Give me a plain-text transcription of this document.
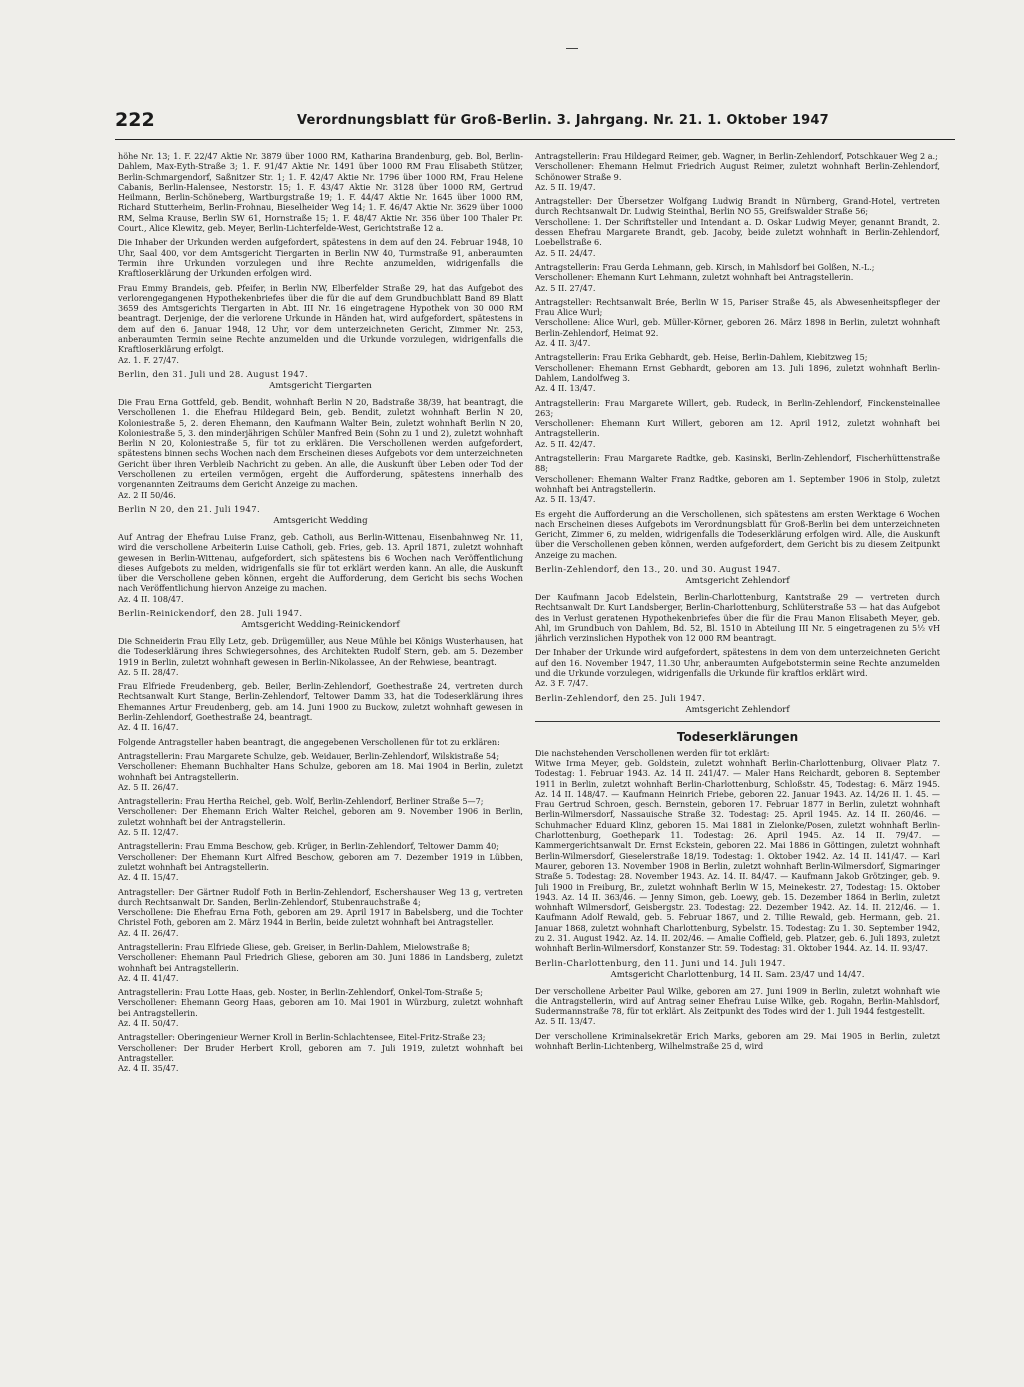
222	Verordnungsblatt für Groß-Berlin. 3. Jahrgang. Nr. 21. 1. Oktober 1947
höhe Nr. 13; 1. F. 22/47 Aktie Nr. 3879 über 1000 RM, Katharina Brandenburg, geb. Bol, Berlin-Dahlem, Max-Eyth-Straße 3; 1. F. 91/47 Aktie Nr. 1491 über 1000 RM Frau Elisabeth Stützer, Berlin-Schmargendorf, Saßnitzer Str. 1; 1. F. 42/47 Aktie Nr. 1796 über 1000 RM, Frau Helene Cabanis, Berlin-Halensee, Nestorstr. 15; 1. F. 43/47 Aktie Nr. 3128 über 1000 RM, Gertrud Heilmann, Berlin-Schöneberg, Wartburgstraße 19; 1. F. 44/47 Aktie Nr. 1645 über 1000 RM, Richard Stutterheim, Berlin-Frohnau, Bieselheider Weg 14; 1. F. 46/47 Aktie Nr. 3629 über 1000 RM, Selma Krause, Berlin SW 61, Hornstraße 15; 1. F. 48/47 Aktie Nr. 356 über 100 Thaler Pr. Court., Alice Klewitz, geb. Meyer, Berlin-Lichterfelde-West, Gerichtstraße 12 a.
Die Inhaber der Urkunden werden aufgefordert, spätestens in dem auf den 24. Februar 1948, 10 Uhr, Saal 400, vor dem Amtsgericht Tiergarten in Berlin NW 40, Turmstraße 91, anberaumten Termin ihre Urkunden vorzulegen und ihre Rechte anzumelden, widrigenfalls die Kraftloserklärung der Urkunden erfolgen wird.
Frau Emmy Brandeis, geb. Pfeifer, in Berlin NW, Elberfelder Straße 29, hat das Aufgebot des verlorengegangenen Hypothekenbriefes über die für die auf dem Grundbuchblatt Band 89 Blatt 3659 des Amtsgerichts Tiergarten in Abt. III Nr. 16 eingetragene Hypothek von 30 000 RM beantragt. Derjenige, der die verlorene Urkunde in Händen hat, wird aufgefordert, spätestens in dem auf den 6. Januar 1948, 12 Uhr, vor dem unterzeichneten Gericht, Zimmer Nr. 253, anberaumten Termin seine Rechte anzumelden und die Urkunde vorzulegen, widrigenfalls die Kraftloserklärung erfolgt.
Az. 1. F. 27/47.
Berlin, den 31. Juli und 28. August 1947.
Amtsgericht Tiergarten
Die Frau Erna Gottfeld, geb. Bendit, wohnhaft Berlin N 20, Badstraße 38/39, hat beantragt, die Verschollenen 1. die Ehefrau Hildegard Bein, geb. Bendit, zuletzt wohnhaft Berlin N 20, Koloniestraße 5, 2. deren Ehemann, den Kaufmann Walter Bein, zuletzt wohnhaft Berlin N 20, Koloniestraße 5, 3. den minderjährigen Schüler Manfred Bein (Sohn zu 1 und 2), zuletzt wohnhaft Berlin N 20, Koloniestraße 5, für tot zu erklären. Die Verschollenen werden aufgefordert, spätestens binnen sechs Wochen nach dem Erscheinen dieses Aufgebots vor dem unterzeichneten Gericht über ihren Verbleib Nachricht zu geben. An alle, die Auskunft über Leben oder Tod der Verschollenen zu erteilen vermögen, ergeht die Aufforderung, spätestens innerhalb des vorgenannten Zeitraums dem Gericht Anzeige zu machen.
Az. 2 II 50/46.
Berlin N 20, den 21. Juli 1947.
Amtsgericht Wedding
Auf Antrag der Ehefrau Luise Franz, geb. Catholi, aus Berlin-Wittenau, Eisenbahnweg Nr. 11, wird die verschollene Arbeiterin Luise Catholi, geb. Fries, geb. 13. April 1871, zuletzt wohnhaft gewesen in Berlin-Wittenau, aufgefordert, sich spätestens bis 6 Wochen nach Veröffentlichung dieses Aufgebots zu melden, widrigenfalls sie für tot erklärt werden kann. An alle, die Auskunft über die Verschollene geben können, ergeht die Aufforderung, dem Gericht bis sechs Wochen nach Veröffentlichung hiervon Anzeige zu machen.
Az. 4 II. 108/47.
Berlin-Reinickendorf, den 28. Juli 1947.
Amtsgericht Wedding-Reinickendorf
Die Schneiderin Frau Elly Letz, geb. Drügemüller, aus Neue Mühle bei Königs Wusterhausen, hat die Todeserklärung ihres Schwiegersohnes, des Architekten Rudolf Stern, geb. am 5. Dezember 1919 in Berlin, zuletzt wohnhaft gewesen in Berlin-Nikolassee, An der Rehwiese, beantragt.
Az. 5 II. 28/47.
Frau Elfriede Freudenberg, geb. Beiler, Berlin-Zehlendorf, Goethestraße 24, vertreten durch Rechtsanwalt Kurt Stange, Berlin-Zehlendorf, Teltower Damm 33, hat die Todeserklärung ihres Ehemannes Artur Freudenberg, geb. am 14. Juni 1900 zu Buckow, zuletzt wohnhaft gewesen in Berlin-Zehlendorf, Goethestraße 24, beantragt.
Az. 4 II. 16/47.
Folgende Antragsteller haben beantragt, die angegebenen Verschollenen für tot zu erklären:
Antragstellerin: Frau Margarete Schulze, geb. Weidauer, Berlin-Zehlendorf, Wilskistraße 54;
Verschollener: Ehemann Buchhalter Hans Schulze, geboren am 18. Mai 1904 in Berlin, zuletzt wohnhaft bei Antragstellerin.
Az. 5 II. 26/47.
Antragstellerin: Frau Hertha Reichel, geb. Wolf, Berlin-Zehlendorf, Berliner Straße 5—7;
Verschollener: Der Ehemann Erich Walter Reichel, geboren am 9. November 1906 in Berlin, zuletzt wohnhaft bei der Antragstellerin.
Az. 5 II. 12/47.
Antragstellerin: Frau Emma Beschow, geb. Krüger, in Berlin-Zehlendorf, Teltower Damm 40;
Verschollener: Der Ehemann Kurt Alfred Beschow, geboren am 7. Dezember 1919 in Lübben, zuletzt wohnhaft bei Antragstellerin.
Az. 4 II. 15/47.
Antragsteller: Der Gärtner Rudolf Foth in Berlin-Zehlendorf, Eschershauser Weg 13 g, vertreten durch Rechtsanwalt Dr. Sanden, Berlin-Zehlendorf, Stubenrauchstraße 4;
Verschollene: Die Ehefrau Erna Foth, geboren am 29. April 1917 in Babelsberg, und die Tochter Christel Foth, geboren am 2. März 1944 in Berlin, beide zuletzt wohnhaft bei Antragsteller.
Az. 4 II. 26/47.
Antragstellerin: Frau Elfriede Gliese, geb. Greiser, in Berlin-Dahlem, Mielowstraße 8;
Verschollener: Ehemann Paul Friedrich Gliese, geboren am 30. Juni 1886 in Landsberg, zuletzt wohnhaft bei Antragstellerin.
Az. 4 II. 41/47.
Antragstellerin: Frau Lotte Haas, geb. Noster, in Berlin-Zehlendorf, Onkel-Tom-Straße 5;
Verschollener: Ehemann Georg Haas, geboren am 10. Mai 1901 in Würzburg, zuletzt wohnhaft bei Antragstellerin.
Az. 4 II. 50/47.
Antragsteller: Oberingenieur Werner Kroll in Berlin-Schlachtensee, Eitel-Fritz-Straße 23;
Verschollener: Der Bruder Herbert Kroll, geboren am 7. Juli 1919, zuletzt wohnhaft bei Antragsteller.
Az. 4 II. 35/47.
Antragstellerin: Frau Hildegard Reimer, geb. Wagner, in Berlin-Zehlendorf, Potschkauer Weg 2 a.;
Verschollener: Ehemann Helmut Friedrich August Reimer, zuletzt wohnhaft Berlin-Zehlendorf, Schönower Straße 9.
Az. 5 II. 19/47.
Antragsteller: Der Übersetzer Wolfgang Ludwig Brandt in Nürnberg, Grand-Hotel, vertreten durch Rechtsanwalt Dr. Ludwig Steinthal, Berlin NO 55, Greifswalder Straße 56;
Verschollene: 1. Der Schriftsteller und Intendant a. D. Oskar Ludwig Meyer, genannt Brandt, 2. dessen Ehefrau Margarete Brandt, geb. Jacoby, beide zuletzt wohnhaft in Berlin-Zehlendorf, Loebellstraße 6.
Az. 5 II. 24/47.
Antragstellerin: Frau Gerda Lehmann, geb. Kirsch, in Mahlsdorf bei Golßen, N.-L.;
Verschollener: Ehemann Kurt Lehmann, zuletzt wohnhaft bei Antragstellerin.
Az. 5 II. 27/47.
Antragsteller: Rechtsanwalt Brée, Berlin W 15, Pariser Straße 45, als Abwesenheitspfleger der Frau Alice Wurl;
Verschollene: Alice Wurl, geb. Müller-Körner, geboren 26. März 1898 in Berlin, zuletzt wohnhaft Berlin-Zehlendorf, Heimat 92.
Az. 4 II. 3/47.
Antragstellerin: Frau Erika Gebhardt, geb. Heise, Berlin-Dahlem, Kiebitzweg 15;
Verschollener: Ehemann Ernst Gebhardt, geboren am 13. Juli 1896, zuletzt wohnhaft Berlin-Dahlem, Landolfweg 3.
Az. 4 II. 13/47.
Antragstellerin: Frau Margarete Willert, geb. Rudeck, in Berlin-Zehlendorf, Finckensteinallee 263;
Verschollener: Ehemann Kurt Willert, geboren am 12. April 1912, zuletzt wohnhaft bei Antragstellerin.
Az. 5 II. 42/47.
Antragstellerin: Frau Margarete Radtke, geb. Kasinski, Berlin-Zehlendorf, Fischerhüttenstraße 88;
Verschollener: Ehemann Walter Franz Radtke, geboren am 1. September 1906 in Stolp, zuletzt wohnhaft bei Antragstellerin.
Az. 5 II. 13/47.
Es ergeht die Aufforderung an die Verschollenen, sich spätestens am ersten Werktage 6 Wochen nach Erscheinen dieses Aufgebots im Verordnungsblatt für Groß-Berlin bei dem unterzeichneten Gericht, Zimmer 6, zu melden, widrigenfalls die Todeserklärung erfolgen wird. Alle, die Auskunft über die Verschollenen geben können, werden aufgefordert, dem Gericht bis zu diesem Zeitpunkt Anzeige zu machen.
Berlin-Zehlendorf, den 13., 20. und 30. August 1947.
Amtsgericht Zehlendorf
Der Kaufmann Jacob Edelstein, Berlin-Charlottenburg, Kantstraße 29 — vertreten durch Rechtsanwalt Dr. Kurt Landsberger, Berlin-Charlottenburg, Schlüterstraße 53 — hat das Aufgebot des in Verlust geratenen Hypothekenbriefes über die für die Frau Manon Elisabeth Meyer, geb. Ahl, im Grundbuch von Dahlem, Bd. 52, Bl. 1510 in Abteilung III Nr. 5 eingetragenen zu 5½ vH jährlich verzinslichen Hypothek von 12 000 RM beantragt.
Der Inhaber der Urkunde wird aufgefordert, spätestens in dem von dem unterzeichneten Gericht auf den 16. November 1947, 11.30 Uhr, anberaumten Aufgebotstermin seine Rechte anzumelden und die Urkunde vorzulegen, widrigenfalls die Urkunde für kraftlos erklärt wird.
Az. 3 F. 7/47.
Berlin-Zehlendorf, den 25. Juli 1947.
Amtsgericht Zehlendorf
Todeserklärungen
Die nachstehenden Verschollenen werden für tot erklärt:
Witwe Irma Meyer, geb. Goldstein, zuletzt wohnhaft Berlin-Charlottenburg, Olivaer Platz 7. Todestag: 1. Februar 1943. Az. 14 II. 241/47. — Maler Hans Reichardt, geboren 8. September 1911 in Berlin, zuletzt wohnhaft Berlin-Charlottenburg, Schloßstr. 45, Todestag: 6. März 1945. Az. 14 II. 148/47. — Kaufmann Heinrich Friebe, geboren 22. Januar 1943. Az. 14/26 II. 1. 45. — Frau Gertrud Schroen, gesch. Bernstein, geboren 17. Februar 1877 in Berlin, zuletzt wohnhaft Berlin-Wilmersdorf, Nassauische Straße 32. Todestag: 25. April 1945. Az. 14 II. 260/46. — Schuhmacher Eduard Klinz, geboren 15. Mai 1881 in Zielonke/Posen, zuletzt wohnhaft Berlin-Charlottenburg, Goethepark 11. Todestag: 26. April 1945. Az. 14 II. 79/47. — Kammergerichtsanwalt Dr. Ernst Eckstein, geboren 22. Mai 1886 in Göttingen, zuletzt wohnhaft Berlin-Wilmersdorf, Gieselerstraße 18/19. Todestag: 1. Oktober 1942. Az. 14 II. 141/47. — Karl Maurer, geboren 13. November 1908 in Berlin, zuletzt wohnhaft Berlin-Wilmersdorf, Sigmaringer Straße 5. Todestag: 28. November 1943. Az. 14. II. 84/47. — Kaufmann Jakob Grötzinger, geb. 9. Juli 1900 in Freiburg, Br., zuletzt wohnhaft Berlin W 15, Meinekestr. 27, Todestag: 15. Oktober 1943. Az. 14 II. 363/46. — Jenny Simon, geb. Loewy, geb. 15. Dezember 1864 in Berlin, zuletzt wohnhaft Wilmersdorf, Geisbergstr. 23. Todestag: 22. Dezember 1942. Az. 14. II. 212/46. — 1. Kaufmann Adolf Rewald, geb. 5. Februar 1867, und 2. Tillie Rewald, geb. Hermann, geb. 21. Januar 1868, zuletzt wohnhaft Charlottenburg, Sybelstr. 15. Todestag: Zu 1. 30. September 1942, zu 2. 31. August 1942. Az. 14. II. 202/46. — Amalie Coffield, geb. Platzer, geb. 6. Juli 1893, zuletzt wohnhaft Berlin-Wilmersdorf, Konstanzer Str. 59. Todestag: 31. Oktober 1944. Az. 14. II. 93/47.
Berlin-Charlottenburg, den 11. Juni und 14. Juli 1947.
Amtsgericht Charlottenburg, 14 II. Sam. 23/47 und 14/47.
Der verschollene Arbeiter Paul Wilke, geboren am 27. Juni 1909 in Berlin, zuletzt wohnhaft wie die Antragstellerin, wird auf Antrag seiner Ehefrau Luise Wilke, geb. Rogahn, Berlin-Mahlsdorf, Sudermannstraße 78, für tot erklärt. Als Zeitpunkt des Todes wird der 1. Juli 1944 festgestellt.
Az. 5 II. 13/47.
Der verschollene Kriminalsekretär Erich Marks, geboren am 29. Mai 1905 in Berlin, zuletzt wohnhaft Berlin-Lichtenberg, Wilhelmstraße 25 d, wird
